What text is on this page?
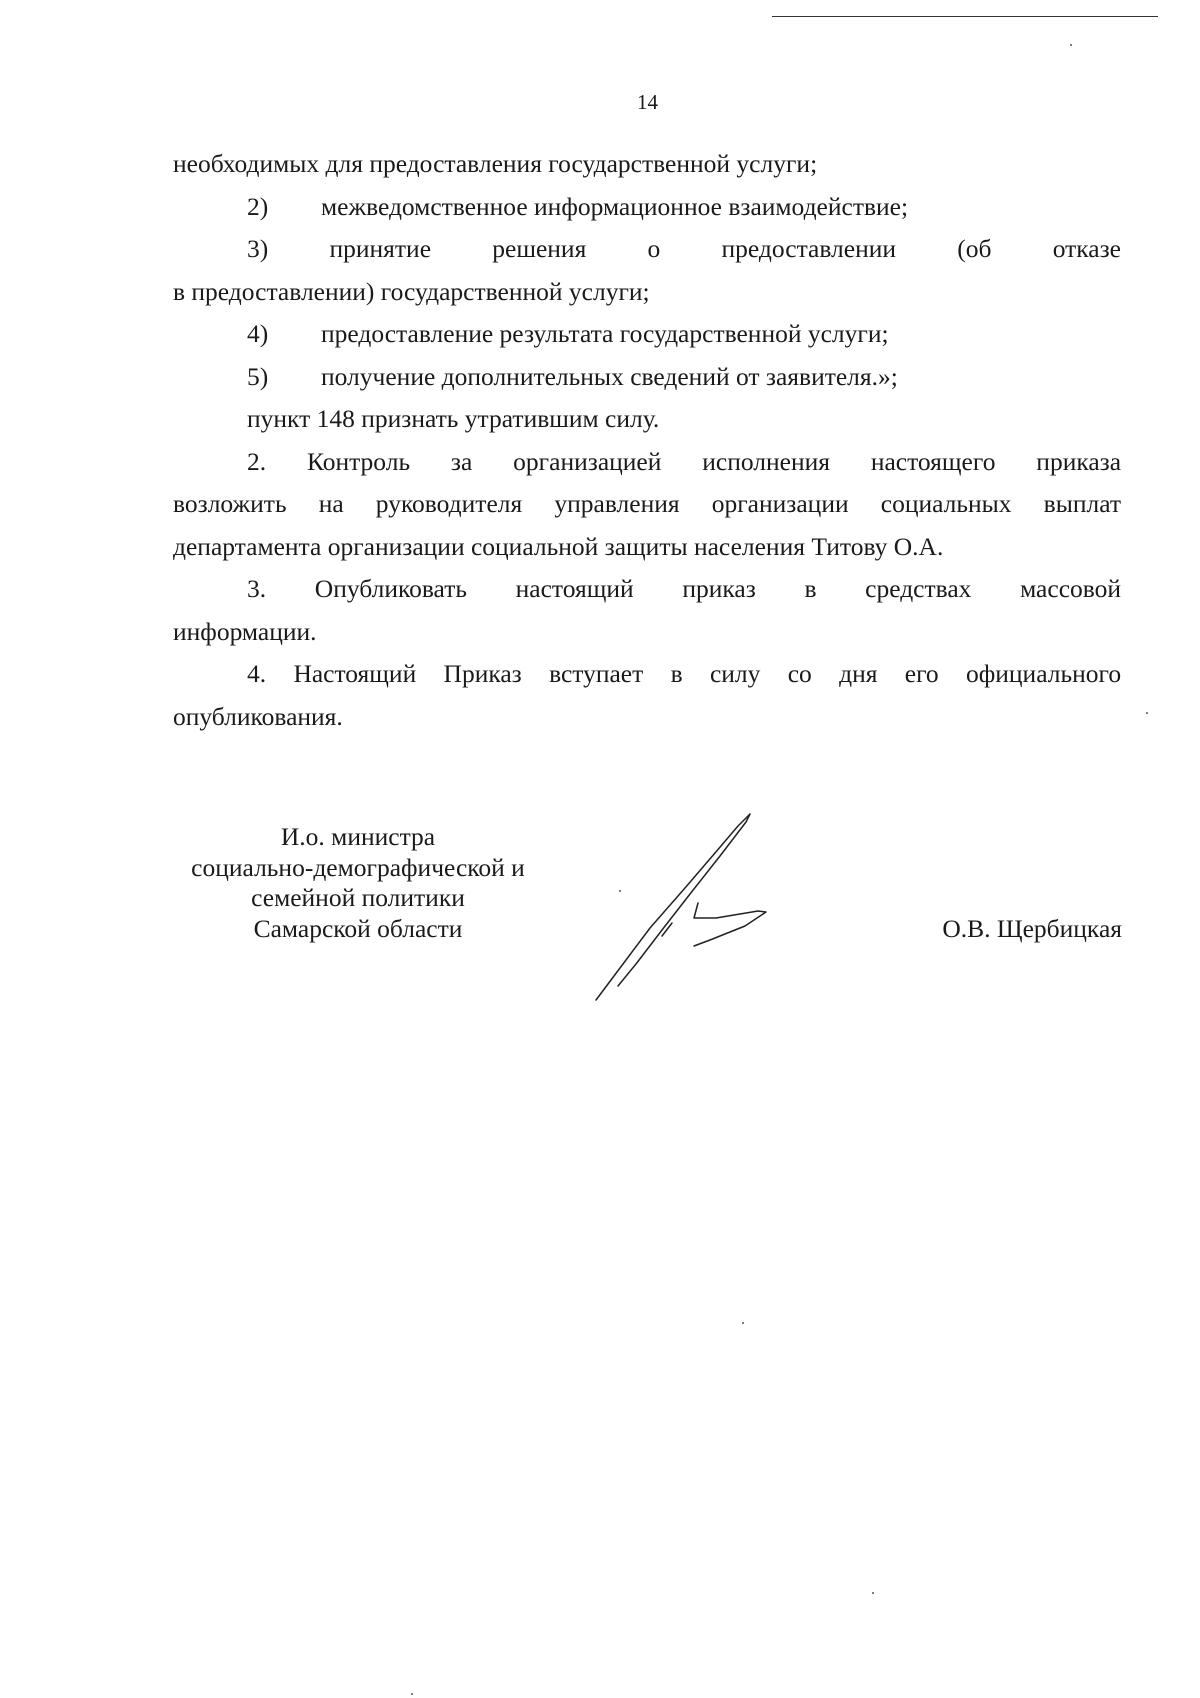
14
необходимых для предоставления государственной услуги;
2) межведомственное информационное взаимодействие;
3) принятие решения о предоставлении (об отказе
в предоставлении) государственной услуги;
4) предоставление результата государственной услуги;
5) получение дополнительных сведений от заявителя.»;
пункт 148 признать утратившим силу.
2. Контроль за организацией исполнения настоящего приказа
возложить на руководителя управления организации социальных выплат
департамента организации социальной защиты населения Титову О.А.
3. Опубликовать настоящий приказ в средствах массовой
информации.
4. Настоящий Приказ вступает в силу со дня его официального
опубликования.
И.о. министра
социально-демографической и
семейной политики
Самарской области	О.В. Щербицкая
